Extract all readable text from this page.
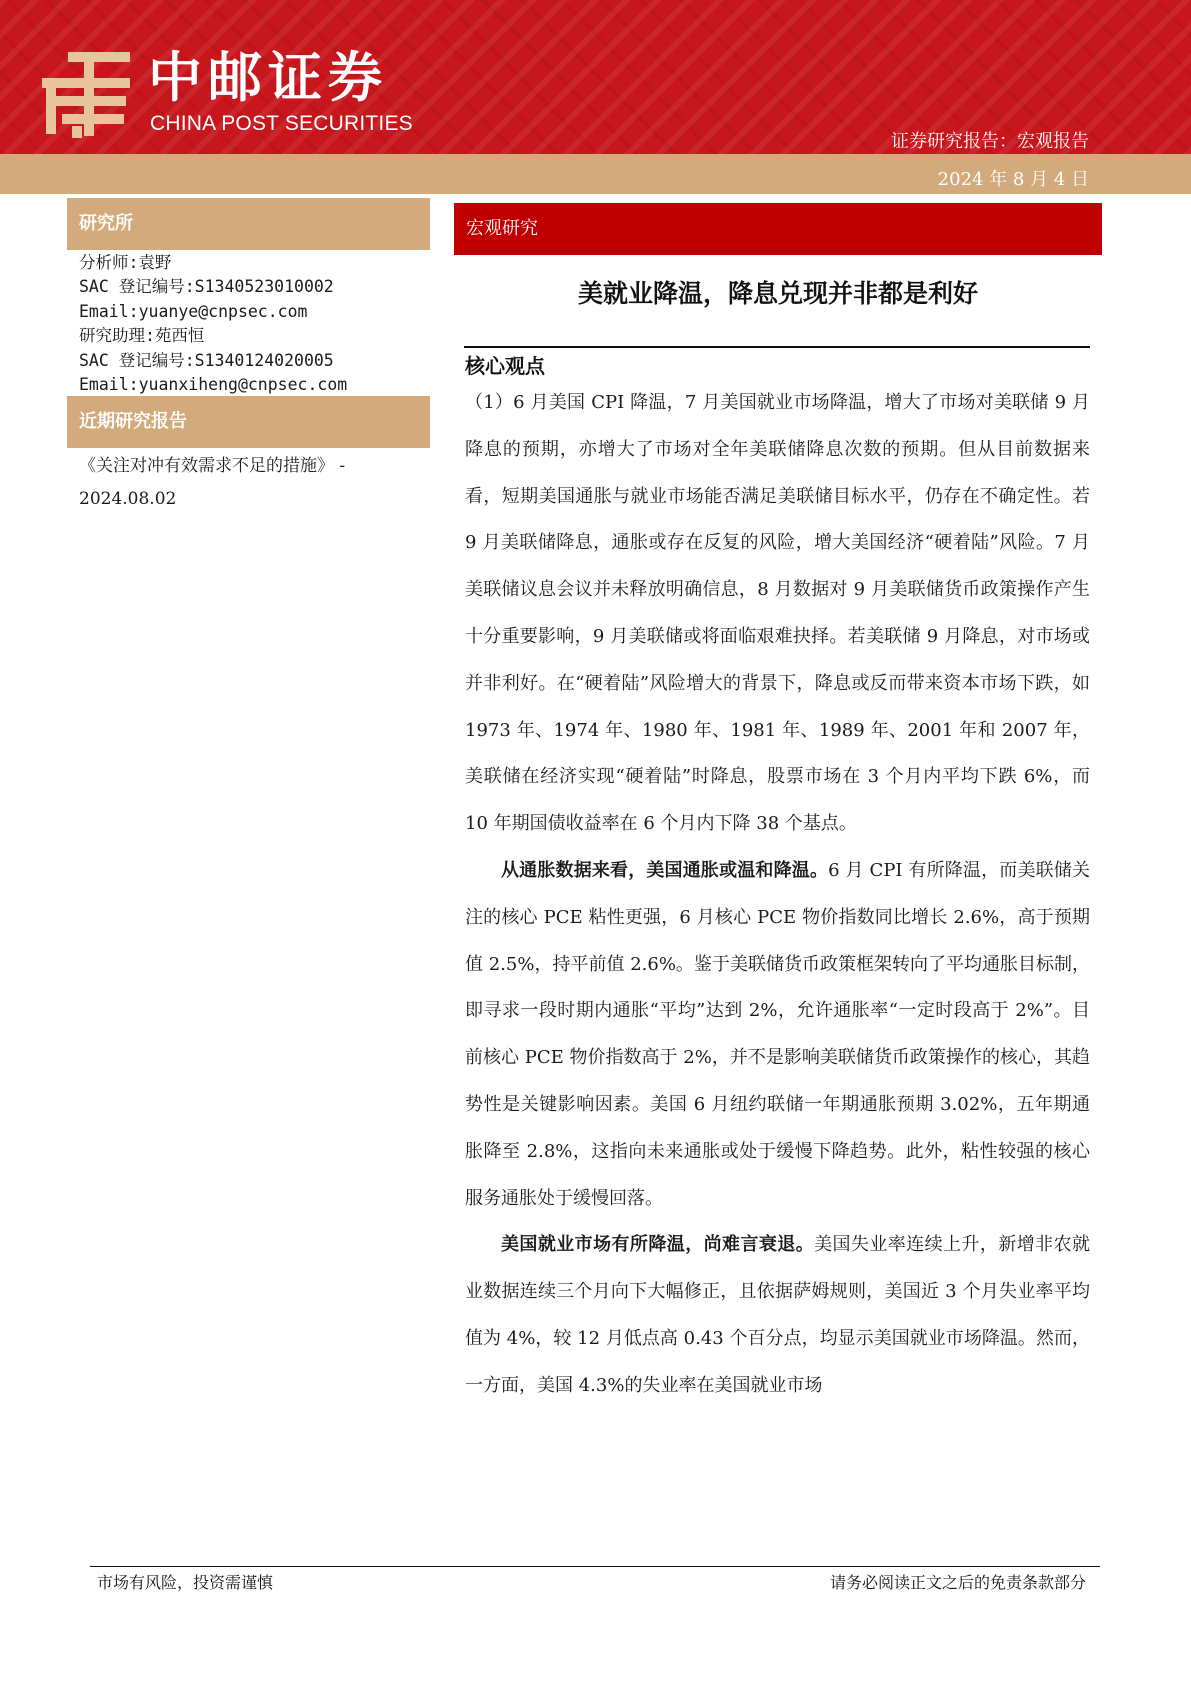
中邮证券
CHINA POST SECURITIES
证券研究报告：宏观报告
2024 年 8 月 4 日
研究所
分析师:袁野
SAC 登记编号:S1340523010002
Email:yuanye@cnpsec.com
研究助理:苑西恒
SAC 登记编号:S1340124020005
Email:yuanxiheng@cnpsec.com
近期研究报告
《关注对冲有效需求不足的措施》 - 2024.08.02
宏观研究
美就业降温，降息兑现并非都是利好
核心观点

（1）6 月美国 CPI 降温，7 月美国就业市场降温，增大了市场对美联储 9 月降息的预期，亦增大了市场对全年美联储降息次数的预期。但从目前数据来看，短期美国通胀与就业市场能否满足美联储目标水平，仍存在不确定性。若 9 月美联储降息，通胀或存在反复的风险，增大美国经济“硬着陆”风险。7 月美联储议息会议并未释放明确信息，8 月数据对 9 月美联储货币政策操作产生十分重要影响，9 月美联储或将面临艰难抉择。若美联储 9 月降息，对市场或并非利好。在“硬着陆”风险增大的背景下，降息或反而带来资本市场下跌，如 1973 年、1974 年、1980 年、1981 年、1989 年、2001 年和 2007 年，美联储在经济实现“硬着陆”时降息，股票市场在 3 个月内平均下跌 6%，而 10 年期国债收益率在 6 个月内下降 38 个基点。

从通胀数据来看，美国通胀或温和降温。6 月 CPI 有所降温，而美联储关注的核心 PCE 粘性更强，6 月核心 PCE 物价指数同比增长 2.6%，高于预期值 2.5%，持平前值 2.6%。鉴于美联储货币政策框架转向了平均通胀目标制，即寻求一段时期内通胀“平均”达到 2%，允许通胀率“一定时段高于 2%”。目前核心 PCE 物价指数高于 2%，并不是影响美联储货币政策操作的核心，其趋势性是关键影响因素。美国 6 月纽约联储一年期通胀预期 3.02%，五年期通胀降至 2.8%，这指向未来通胀或处于缓慢下降趋势。此外，粘性较强的核心服务通胀处于缓慢回落。

美国就业市场有所降温，尚难言衰退。美国失业率连续上升，新增非农就业数据连续三个月向下大幅修正，且依据萨姆规则，美国近 3 个月失业率平均值为 4%，较 12 月低点高 0.43 个百分点，均显示美国就业市场降温。然而，一方面，美国 4.3%的失业率在美国就业市场

市场有风险，投资需谨慎	请务必阅读正文之后的免责条款部分
